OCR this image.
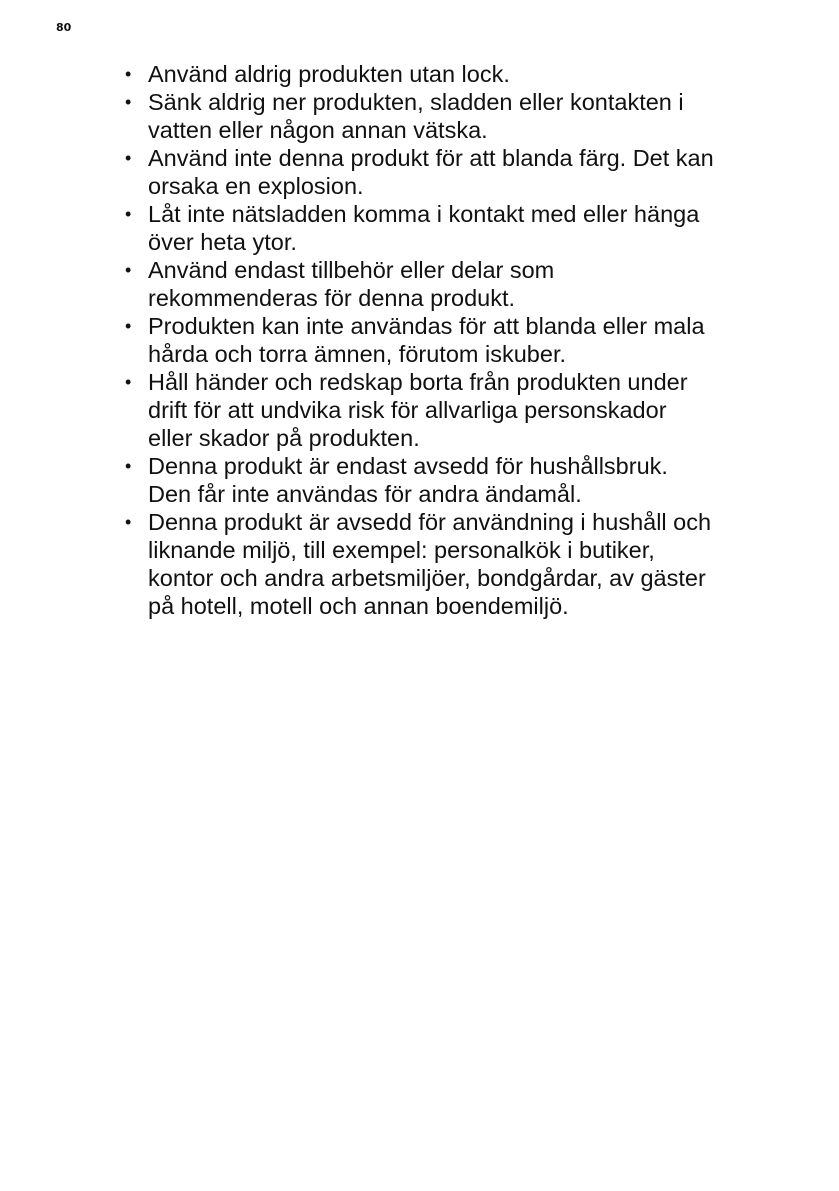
80
• Använd aldrig produkten utan lock.
• Sänk aldrig ner produkten, sladden eller kontakten i
vatten eller någon annan vätska.
• Använd inte denna produkt för att blanda färg. Det kan
orsaka en explosion.
• Låt inte nätsladden komma i kontakt med eller hänga
över heta ytor.
• Använd endast tillbehör eller delar som
rekommenderas för denna produkt.
• Produkten kan inte användas för att blanda eller mala
hårda och torra ämnen, förutom iskuber.
• Håll händer och redskap borta från produkten under
drift för att undvika risk för allvarliga personskador
eller skador på produkten.
• Denna produkt är endast avsedd för hushållsbruk.
Den får inte användas för andra ändamål.
• Denna produkt är avsedd för användning i hushåll och
liknande miljö, till exempel: personalkök i butiker,
kontor och andra arbetsmiljöer, bondgårdar, av gäster
på hotell, motell och annan boendemiljö.
